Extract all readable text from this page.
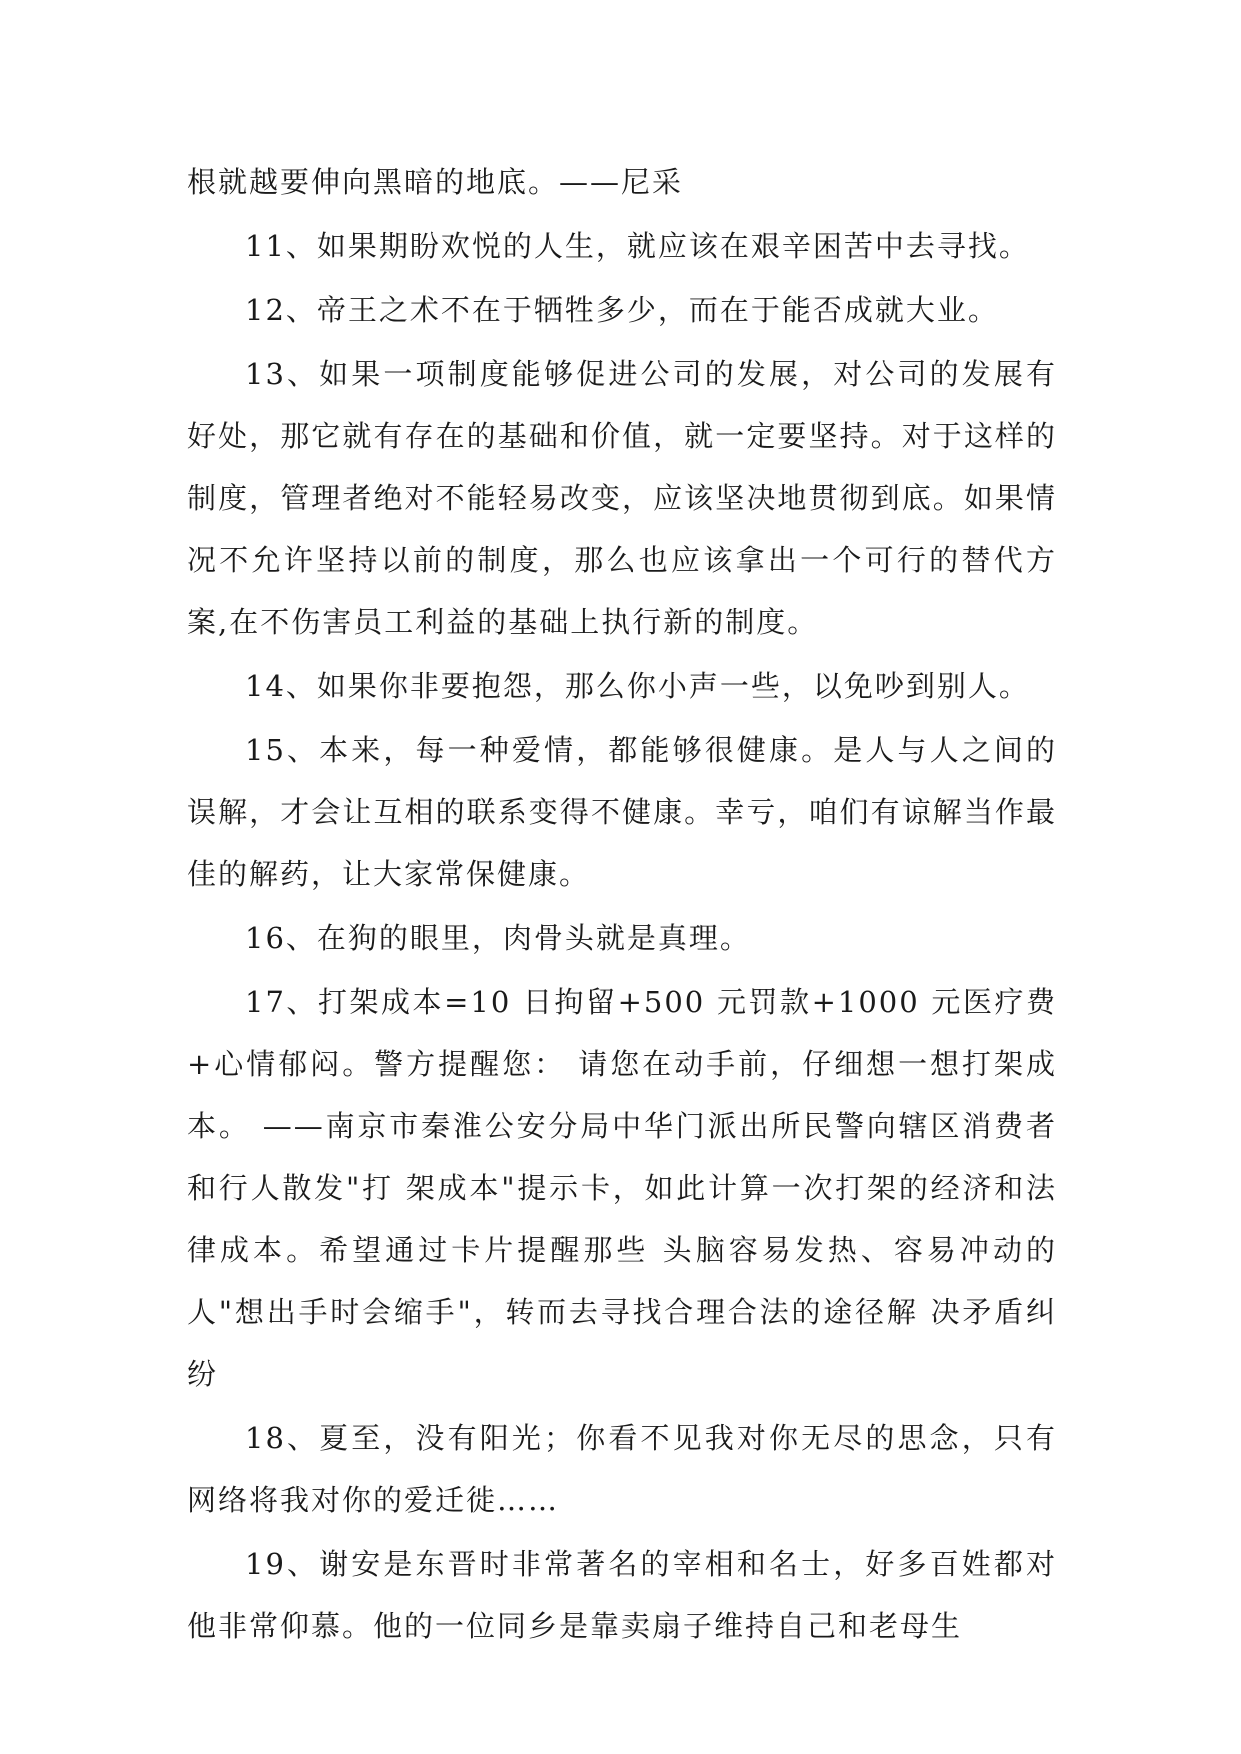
根就越要伸向黑暗的地底。——尼采

11、如果期盼欢悦的人生，就应该在艰辛困苦中去寻找。

12、帝王之术不在于牺牲多少，而在于能否成就大业。

13、如果一项制度能够促进公司的发展，对公司的发展有好处，那它就有存在的基础和价值，就一定要坚持。对于这样的制度，管理者绝对不能轻易改变，应该坚决地贯彻到底。如果情况不允许坚持以前的制度，那么也应该拿出一个可行的替代方案,在不伤害员工利益的基础上执行新的制度。

14、如果你非要抱怨，那么你小声一些，以免吵到别人。

15、本来，每一种爱情，都能够很健康。是人与人之间的误解，才会让互相的联系变得不健康。幸亏，咱们有谅解当作最佳的解药，让大家常保健康。

16、在狗的眼里，肉骨头就是真理。

17、打架成本=10 日拘留+500 元罚款+1000 元医疗费+心情郁闷。警方提醒您： 请您在动手前，仔细想一想打架成本。 ——南京市秦淮公安分局中华门派出所民警向辖区消费者和行人散发"打 架成本"提示卡，如此计算一次打架的经济和法律成本。希望通过卡片提醒那些 头脑容易发热、容易冲动的人"想出手时会缩手"，转而去寻找合理合法的途径解 决矛盾纠纷

18、夏至，没有阳光；你看不见我对你无尽的思念，只有网络将我对你的爱迁徙……

19、谢安是东晋时非常著名的宰相和名士，好多百姓都对他非常仰慕。他的一位同乡是靠卖扇子维持自己和老母生
